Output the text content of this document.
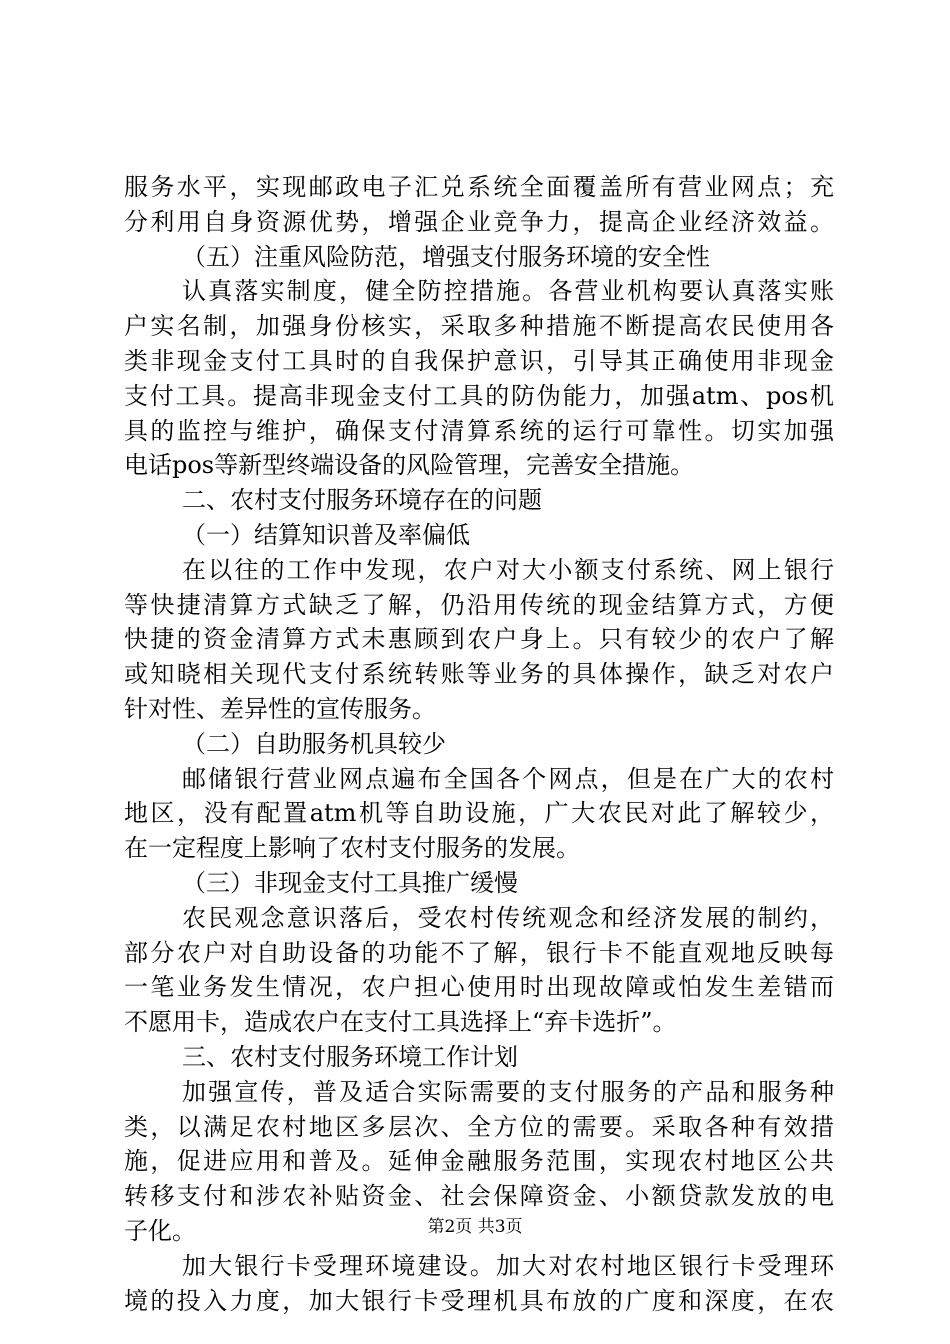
服务水平，实现邮政电子汇兑系统全面覆盖所有营业网点；充
分利用自身资源优势，增强企业竞争力，提高企业经济效益。
（五）注重风险防范，增强支付服务环境的安全性
认真落实制度，健全防控措施。各营业机构要认真落实账
户实名制，加强身份核实，采取多种措施不断提高农民使用各
类非现金支付工具时的自我保护意识，引导其正确使用非现金
支付工具。提高非现金支付工具的防伪能力，加强atm、pos机
具的监控与维护，确保支付清算系统的运行可靠性。切实加强
电话pos等新型终端设备的风险管理，完善安全措施。
二、农村支付服务环境存在的问题
（一）结算知识普及率偏低
在以往的工作中发现，农户对大小额支付系统、网上银行
等快捷清算方式缺乏了解，仍沿用传统的现金结算方式，方便
快捷的资金清算方式未惠顾到农户身上。只有较少的农户了解
或知晓相关现代支付系统转账等业务的具体操作，缺乏对农户
针对性、差异性的宣传服务。
（二）自助服务机具较少
邮储银行营业网点遍布全国各个网点，但是在广大的农村
地区，没有配置atm机等自助设施，广大农民对此了解较少，
在一定程度上影响了农村支付服务的发展。
（三）非现金支付工具推广缓慢
农民观念意识落后，受农村传统观念和经济发展的制约，
部分农户对自助设备的功能不了解，银行卡不能直观地反映每
一笔业务发生情况，农户担心使用时出现故障或怕发生差错而
不愿用卡，造成农户在支付工具选择上“弃卡选折”。
三、农村支付服务环境工作计划
加强宣传，普及适合实际需要的支付服务的产品和服务种
类，以满足农村地区多层次、全方位的需要。采取各种有效措
施，促进应用和普及。延伸金融服务范围，实现农村地区公共
转移支付和涉农补贴资金、社会保障资金、小额贷款发放的电
子化。
加大银行卡受理环境建设。加大对农村地区银行卡受理环
境的投入力度，加大银行卡受理机具布放的广度和深度，在农
第2页 共3页
